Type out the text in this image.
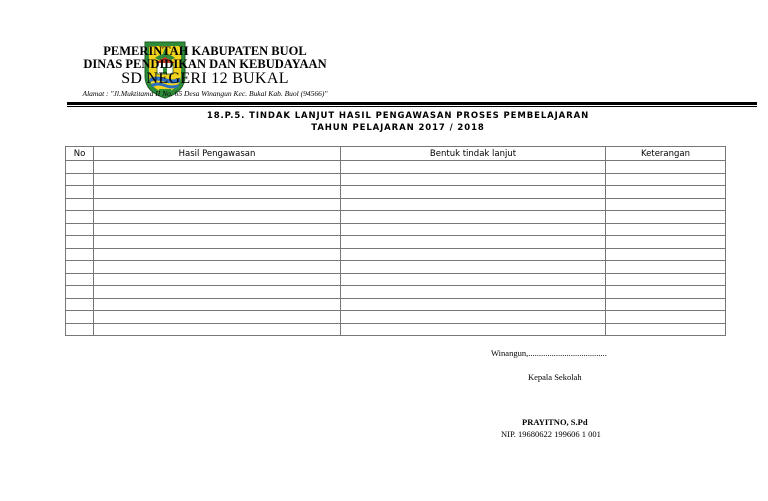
PEMERINTAH KABUPATEN BUOL
DINAS PENDIDIKAN DAN KEBUDAYAAN
SD NEGERI 12 BUKAL
Alamat : "Jl.Muktitama II No. 65 Desa Winangun Kec. Bukal Kab. Buol (94566)"
18.P.5. TINDAK LANJUT HASIL PENGAWASAN PROSES PEMBELAJARAN
TAHUN PELAJARAN 2017 / 2018
No	Hasil Pengawasan	Bentuk tindak lanjut	Keterangan

Winangun,.....................................
Kepala Sekolah
PRAYITNO, S.Pd
NIP. 19680622 199606 1 001
